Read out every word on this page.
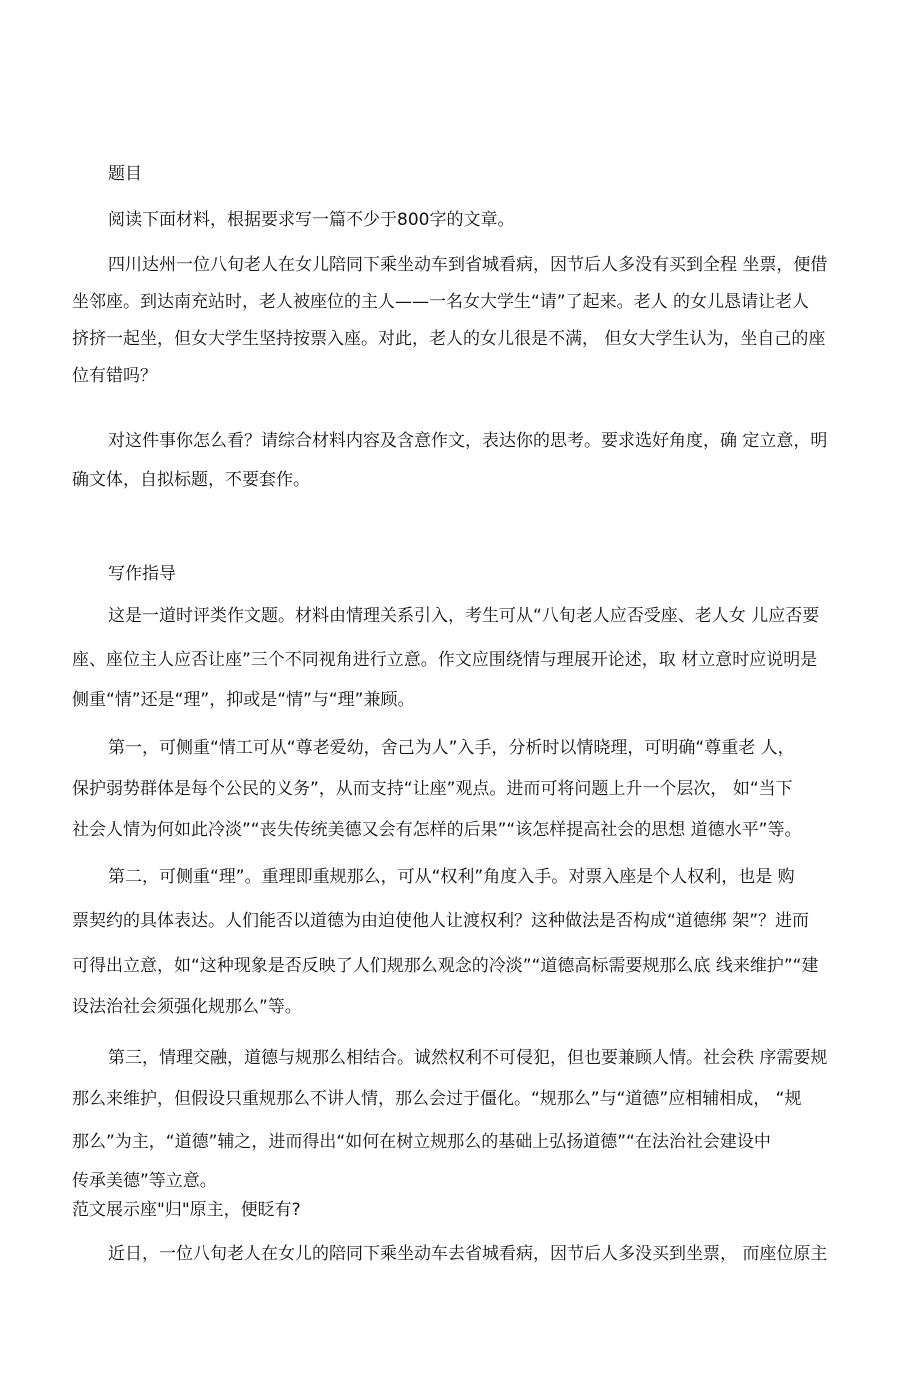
题目
阅读下面材料，根据要求写一篇不少于800字的文章。
四川达州一位八旬老人在女儿陪同下乘坐动车到省城看病，因节后人多没有买到全程 坐票，便借
坐邻座。到达南充站时，老人被座位的主人——一名女大学生“请”了起来。老人 的女儿恳请让老人
挤挤一起坐，但女大学生坚持按票入座。对此，老人的女儿很是不满， 但女大学生认为，坐自己的座
位有错吗？
对这件事你怎么看？请综合材料内容及含意作文，表达你的思考。要求选好角度，确 定立意，明
确文体，自拟标题，不要套作。
写作指导
这是一道时评类作文题。材料由情理关系引入，考生可从“八旬老人应否受座、老人女 儿应否要
座、座位主人应否让座”三个不同视角进行立意。作文应围绕情与理展开论述，取 材立意时应说明是
侧重“情”还是“理”，抑或是“情”与“理”兼顾。
第一，可侧重“情工可从“尊老爱幼，舍己为人”入手，分析时以情晓理，可明确“尊重老 人，
保护弱势群体是每个公民的义务”，从而支持“让座”观点。进而可将问题上升一个层次， 如“当下
社会人情为何如此冷淡”“丧失传统美德又会有怎样的后果”“该怎样提高社会的思想 道德水平”等。
第二，可侧重“理”。重理即重规那么，可从“权利”角度入手。对票入座是个人权利，也是 购
票契约的具体表达。人们能否以道德为由迫使他人让渡权利？这种做法是否构成“道德绑 架”？进而
可得出立意，如“这种现象是否反映了人们规那么观念的冷淡”“道德高标需要规那么底 线来维护”“建
设法治社会须强化规那么”等。
第三，情理交融，道德与规那么相结合。诚然权利不可侵犯，但也要兼顾人情。社会秩 序需要规
那么来维护，但假设只重规那么不讲人情，那么会过于僵化。“规那么”与“道德”应相辅相成， “规
那么”为主，“道德”辅之，进而得出“如何在树立规那么的基础上弘扬道德”“在法治社会建设中
传承美德”等立意。
范文展示座"归"原主，便眨有?
近日，一位八旬老人在女儿的陪同下乘坐动车去省城看病，因节后人多没买到坐票， 而座位原主
